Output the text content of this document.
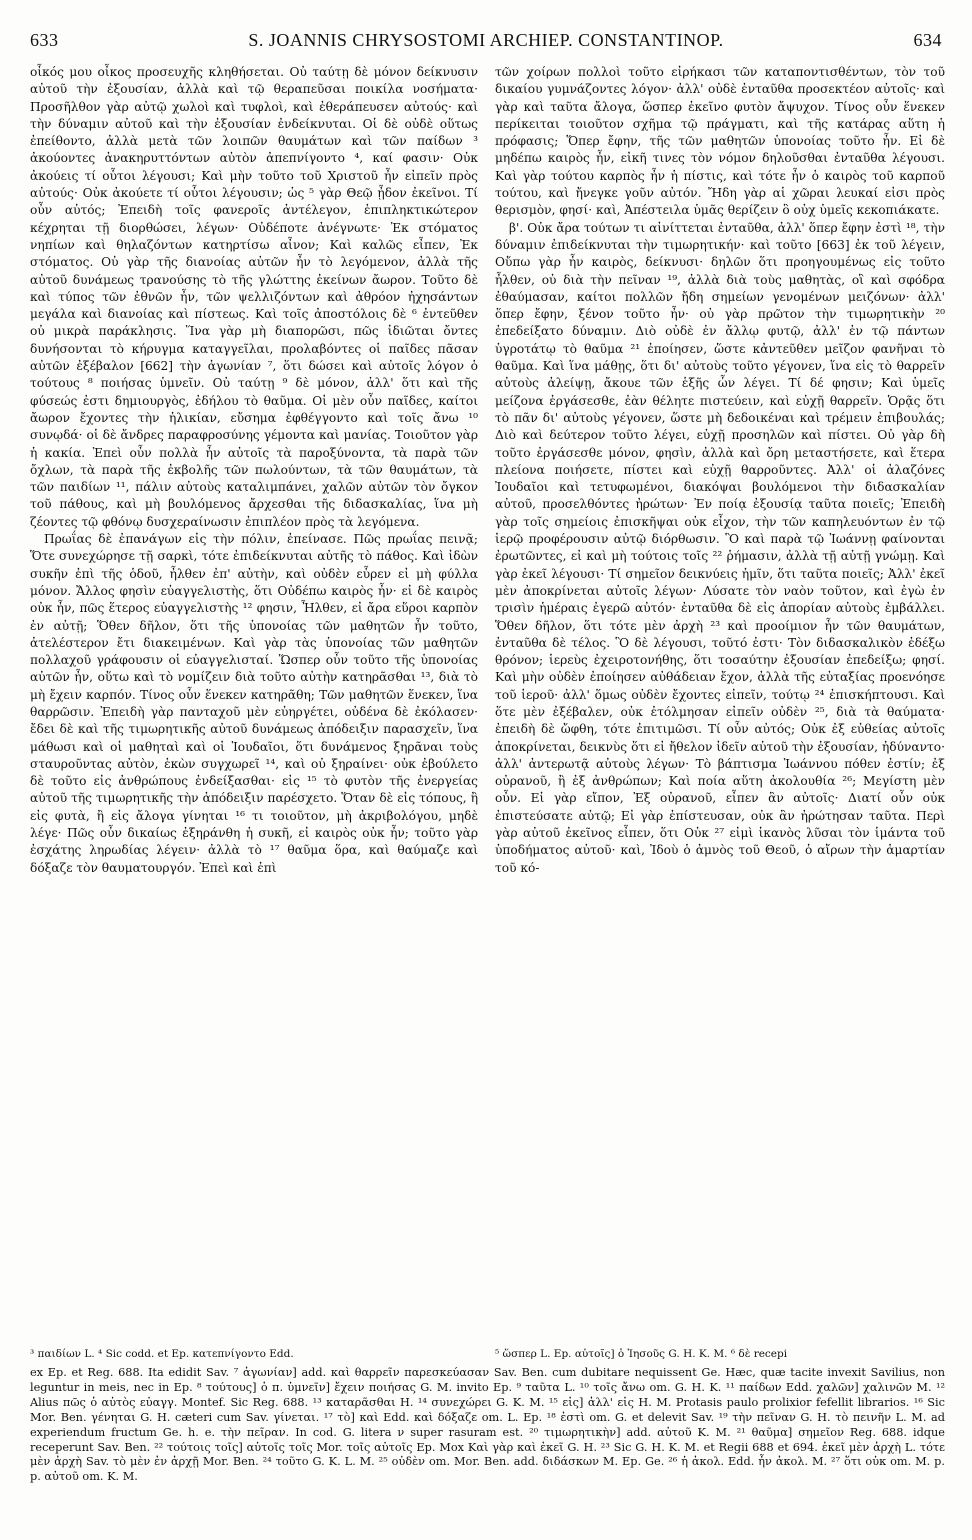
633	S. JOANNIS CHRYSOSTOMI ARCHIEP. CONSTANTINOP.	634

οἶκός μου οἶκος προσευχῆς κληθήσεται. Οὐ ταύτῃ δὲ μόνον δείκνυσιν αὐτοῦ τὴν ἐξουσίαν, ἀλλὰ καὶ τῷ θεραπεῦσαι ποικίλα νοσήματα· Προσῆλθον γὰρ αὐτῷ χωλοὶ καὶ τυφλοὶ, καὶ ἐθεράπευσεν αὐτούς· καὶ τὴν δύναμιν αὐτοῦ καὶ τὴν ἐξουσίαν ἐνδείκνυται. Οἱ δὲ οὐδὲ οὕτως ἐπείθοντο, ἀλλὰ μετὰ τῶν λοιπῶν θαυμάτων καὶ τῶν παίδων ³ ἀκούοντες ἀνακηρυττόντων αὐτὸν ἀπεπνίγοντο ⁴, καί φασιν· Οὐκ ἀκούεις τί οὗτοι λέγουσι; Καὶ μὴν τοῦτο τοῦ Χριστοῦ ἦν εἰπεῖν πρὸς αὐτούς· Οὐκ ἀκούετε τί οὗτοι λέγουσιν; ὡς ⁵ γὰρ Θεῷ ᾖδον ἐκεῖνοι. Τί οὖν αὐτός; Ἐπειδὴ τοῖς φανεροῖς ἀντέλεγον, ἐπιπληκτικώτερον κέχρηται τῇ διορθώσει, λέγων· Οὐδέποτε ἀνέγνωτε· Ἐκ στόματος νηπίων καὶ θηλαζόντων κατηρτίσω αἶνον; Καὶ καλῶς εἶπεν, Ἐκ στόματος. Οὐ γὰρ τῆς διανοίας αὐτῶν ἦν τὸ λεγόμενον, ἀλλὰ τῆς αὐτοῦ δυνάμεως τρανούσης τὸ τῆς γλώττης ἐκείνων ἄωρον. Τοῦτο δὲ καὶ τύπος τῶν ἐθνῶν ἦν, τῶν ψελλιζόντων καὶ ἀθρόον ἠχησάντων μεγάλα καὶ διανοίας καὶ πίστεως. Καὶ τοῖς ἀποστόλοις δὲ ⁶ ἐντεῦθεν οὐ μικρὰ παράκλησις. Ἵνα γὰρ μὴ διαπορῶσι, πῶς ἰδιῶται ὄντες δυνήσονται τὸ κήρυγμα καταγγεῖλαι, προλαβόντες οἱ παῖδες πᾶσαν αὐτῶν ἐξέβαλον [662] τὴν ἀγωνίαν ⁷, ὅτι δώσει καὶ αὐτοῖς λόγον ὁ τούτους ⁸ ποιήσας ὑμνεῖν. Οὐ ταύτῃ ⁹ δὲ μόνον, ἀλλ' ὅτι καὶ τῆς φύσεώς ἐστι δημιουργὸς, ἐδήλου τὸ θαῦμα. Οἱ μὲν οὖν παῖδες, καίτοι ἄωρον ἔχοντες τὴν ἡλικίαν, εὔσημα ἐφθέγγοντο καὶ τοῖς ἄνω ¹⁰ συνῳδά· οἱ δὲ ἄνδρες παραφροσύνης γέμοντα καὶ μανίας. Τοιοῦτον γὰρ ἡ κακία. Ἐπεὶ οὖν πολλὰ ἦν αὐτοῖς τὰ παροξύνοντα, τὰ παρὰ τῶν ὄχλων, τὰ παρὰ τῆς ἐκβολῆς τῶν πωλούντων, τὰ τῶν θαυμάτων, τὰ τῶν παιδίων ¹¹, πάλιν αὐτοὺς καταλιμπάνει, χαλῶν αὐτῶν τὸν ὄγκον τοῦ πάθους, καὶ μὴ βουλόμενος ἄρχεσθαι τῆς διδασκαλίας, ἵνα μὴ ζέοντες τῷ φθόνῳ δυσχεραίνωσιν ἐπιπλέον πρὸς τὰ λεγόμενα.

Πρωΐας δὲ ἐπανάγων εἰς τὴν πόλιν, ἐπείνασε. Πῶς πρωΐας πεινᾷ; Ὅτε συνεχώρησε τῇ σαρκὶ, τότε ἐπιδείκνυται αὐτῆς τὸ πάθος. Καὶ ἰδὼν συκῆν ἐπὶ τῆς ὁδοῦ, ἦλθεν ἐπ' αὐτὴν, καὶ οὐδὲν εὗρεν εἰ μὴ φύλλα μόνον. Ἄλλος φησὶν εὐαγγελιστὴς, ὅτι Οὐδέπω καιρὸς ἦν· εἰ δὲ καιρὸς οὐκ ἦν, πῶς ἕτερος εὐαγγελιστὴς ¹² φησιν, Ἦλθεν, εἰ ἄρα εὕροι καρπὸν ἐν αὐτῇ; Ὅθεν δῆλον, ὅτι τῆς ὑπονοίας τῶν μαθητῶν ἦν τοῦτο, ἀτελέστερον ἔτι διακειμένων. Καὶ γὰρ τὰς ὑπονοίας τῶν μαθητῶν πολλαχοῦ γράφουσιν οἱ εὐαγγελισταί. Ὥσπερ οὖν τοῦτο τῆς ὑπονοίας αὐτῶν ἦν, οὕτω καὶ τὸ νομίζειν διὰ τοῦτο αὐτὴν κατηρᾶσθαι ¹³, διὰ τὸ μὴ ἔχειν καρπόν. Τίνος οὖν ἕνεκεν κατηρᾶθη; Τῶν μαθητῶν ἕνεκεν, ἵνα θαρρῶσιν. Ἐπειδὴ γὰρ πανταχοῦ μὲν εὐηργέτει, οὐδένα δὲ ἐκόλασεν· ἔδει δὲ καὶ τῆς τιμωρητικῆς αὐτοῦ δυνάμεως ἀπόδειξιν παρασχεῖν, ἵνα μάθωσι καὶ οἱ μαθηταὶ καὶ οἱ Ἰουδαῖοι, ὅτι δυνάμενος ξηρᾶναι τοὺς σταυροῦντας αὐτὸν, ἑκὼν συγχωρεῖ ¹⁴, καὶ οὐ ξηραίνει· οὐκ ἐβούλετο δὲ τοῦτο εἰς ἀνθρώπους ἐνδείξασθαι· εἰς ¹⁵ τὸ φυτὸν τῆς ἐνεργείας αὐτοῦ τῆς τιμωρητικῆς τὴν ἀπόδειξιν παρέσχετο. Ὅταν δὲ εἰς τόπους, ἢ εἰς φυτὰ, ἢ εἰς ἄλογα γίνηται ¹⁶ τι τοιοῦτον, μὴ ἀκριβολόγου, μηδὲ λέγε· Πῶς οὖν δικαίως ἐξηράνθη ἡ συκῆ, εἰ καιρὸς οὐκ ἦν; τοῦτο γὰρ ἐσχάτης ληρωδίας λέγειν· ἀλλὰ τὸ ¹⁷ θαῦμα ὅρα, καὶ θαύμαζε καὶ δόξαζε τὸν θαυματουργόν. Ἐπεὶ καὶ ἐπὶ

τῶν χοίρων πολλοὶ τοῦτο εἰρήκασι τῶν καταποντισθέντων, τὸν τοῦ δικαίου γυμνάζοντες λόγον· ἀλλ' οὐδὲ ἐνταῦθα προσεκτέον αὐτοῖς· καὶ γὰρ καὶ ταῦτα ἄλογα, ὥσπερ ἐκεῖνο φυτὸν ἄψυχον. Τίνος οὖν ἕνεκεν περίκειται τοιοῦτον σχῆμα τῷ πράγματι, καὶ τῆς κατάρας αὕτη ἡ πρόφασις; Ὅπερ ἔφην, τῆς τῶν μαθητῶν ὑπονοίας τοῦτο ἦν. Εἰ δὲ μηδέπω καιρὸς ἦν, εἰκῆ τινες τὸν νόμον δηλοῦσθαι ἐνταῦθα λέγουσι. Καὶ γὰρ τούτου καρπὸς ἦν ἡ πίστις, καὶ τότε ἦν ὁ καιρὸς τοῦ καρποῦ τούτου, καὶ ἤνεγκε γοῦν αὐτόν. Ἤδη γὰρ αἱ χῶραι λευκαί εἰσι πρὸς θερισμὸν, φησί· καὶ, Ἀπέστειλα ὑμᾶς θερίζειν ὃ οὐχ ὑμεῖς κεκοπιάκατε.

β'. Οὐκ ἄρα τούτων τι αἰνίττεται ἐνταῦθα, ἀλλ' ὅπερ ἔφην ἐστὶ ¹⁸, τὴν δύναμιν ἐπιδείκνυται τὴν τιμωρητικήν· καὶ τοῦτο [663] ἐκ τοῦ λέγειν, Οὔπω γὰρ ἦν καιρὸς, δείκνυσι· δηλῶν ὅτι προηγουμένως εἰς τοῦτο ἦλθεν, οὐ διὰ τὴν πεῖναν ¹⁹, ἀλλὰ διὰ τοὺς μαθητὰς, οἳ καὶ σφόδρα ἐθαύμασαν, καίτοι πολλῶν ἤδη σημείων γενομένων μειζόνων· ἀλλ' ὅπερ ἔφην, ξένον τοῦτο ἦν· οὐ γὰρ πρῶτον τὴν τιμωρητικὴν ²⁰ ἐπεδείξατο δύναμιν. Διὸ οὐδὲ ἐν ἄλλῳ φυτῷ, ἀλλ' ἐν τῷ πάντων ὑγροτάτῳ τὸ θαῦμα ²¹ ἐποίησεν, ὥστε κἀντεῦθεν μεῖζον φανῆναι τὸ θαῦμα. Καὶ ἵνα μάθῃς, ὅτι δι' αὐτοὺς τοῦτο γέγονεν, ἵνα εἰς τὸ θαρρεῖν αὐτοὺς ἀλείψῃ, ἄκουε τῶν ἑξῆς ὧν λέγει. Τί δέ φησιν; Καὶ ὑμεῖς μείζονα ἐργάσεσθε, ἐὰν θέλητε πιστεύειν, καὶ εὐχῇ θαρρεῖν. Ὁρᾷς ὅτι τὸ πᾶν δι' αὐτοὺς γέγονεν, ὥστε μὴ δεδοικέναι καὶ τρέμειν ἐπιβουλάς; Διὸ καὶ δεύτερον τοῦτο λέγει, εὐχῇ προσηλῶν καὶ πίστει. Οὐ γὰρ δὴ τοῦτο ἐργάσεσθε μόνον, φησὶν, ἀλλὰ καὶ ὄρη μεταστήσετε, καὶ ἕτερα πλείονα ποιήσετε, πίστει καὶ εὐχῇ θαρροῦντες. Ἀλλ' οἱ ἀλαζόνες Ἰουδαῖοι καὶ τετυφωμένοι, διακόψαι βουλόμενοι τὴν διδασκαλίαν αὐτοῦ, προσελθόντες ἠρώτων· Ἐν ποίᾳ ἐξουσίᾳ ταῦτα ποιεῖς; Ἐπειδὴ γὰρ τοῖς σημείοις ἐπισκῆψαι οὐκ εἶχον, τὴν τῶν καπηλευόντων ἐν τῷ ἱερῷ προφέρουσιν αὐτῷ διόρθωσιν. Ὃ καὶ παρὰ τῷ Ἰωάννῃ φαίνονται ἐρωτῶντες, εἰ καὶ μὴ τούτοις τοῖς ²² ῥήμασιν, ἀλλὰ τῇ αὐτῇ γνώμῃ. Καὶ γὰρ ἐκεῖ λέγουσι· Τί σημεῖον δεικνύεις ἡμῖν, ὅτι ταῦτα ποιεῖς; Ἀλλ' ἐκεῖ μὲν ἀποκρίνεται αὐτοῖς λέγων· Λύσατε τὸν ναὸν τοῦτον, καὶ ἐγὼ ἐν τρισὶν ἡμέραις ἐγερῶ αὐτόν· ἐνταῦθα δὲ εἰς ἀπορίαν αὐτοὺς ἐμβάλλει. Ὅθεν δῆλον, ὅτι τότε μὲν ἀρχὴ ²³ καὶ προοίμιον ἦν τῶν θαυμάτων, ἐνταῦθα δὲ τέλος. Ὃ δὲ λέγουσι, τοῦτό ἐστι· Τὸν διδασκαλικὸν ἐδέξω θρόνον; ἱερεὺς ἐχειροτονήθης, ὅτι τοσαύτην ἐξουσίαν ἐπεδείξω; φησί. Καὶ μὴν οὐδὲν ἐποίησεν αὐθάδειαν ἔχον, ἀλλὰ τῆς εὐταξίας προενόησε τοῦ ἱεροῦ· ἀλλ' ὅμως οὐδὲν ἔχοντες εἰπεῖν, τούτῳ ²⁴ ἐπισκήπτουσι. Καὶ ὅτε μὲν ἐξέβαλεν, οὐκ ἐτόλμησαν εἰπεῖν οὐδὲν ²⁵, διὰ τὰ θαύματα· ἐπειδὴ δὲ ὤφθη, τότε ἐπιτιμῶσι. Τί οὖν αὐτός; Οὐκ ἐξ εὐθείας αὐτοῖς ἀποκρίνεται, δεικνὺς ὅτι εἰ ἤθελον ἰδεῖν αὐτοῦ τὴν ἐξουσίαν, ἠδύναντο· ἀλλ' ἀντερωτᾷ αὐτοὺς λέγων· Τὸ βάπτισμα Ἰωάννου πόθεν ἐστίν; ἐξ οὐρανοῦ, ἢ ἐξ ἀνθρώπων; Καὶ ποία αὕτη ἀκολουθία ²⁶; Μεγίστη μὲν οὖν. Εἰ γὰρ εἴπον, Ἐξ οὐρανοῦ, εἶπεν ἂν αὐτοῖς· Διατί οὖν οὐκ ἐπιστεύσατε αὐτῷ; Εἰ γὰρ ἐπίστευσαν, οὐκ ἂν ἠρώτησαν ταῦτα. Περὶ γὰρ αὐτοῦ ἐκεῖνος εἶπεν, ὅτι Οὐκ ²⁷ εἰμὶ ἱκανὸς λῦσαι τὸν ἱμάντα τοῦ ὑποδήματος αὐτοῦ· καὶ, Ἰδοὺ ὁ ἀμνὸς τοῦ Θεοῦ, ὁ αἴρων τὴν ἁμαρτίαν τοῦ κό-

³ παιδίων L. ⁴ Sic codd. et Ep. κατεπνίγοντο Edd.	⁵ ὥσπερ L. Ep. αὐτοῖς] ὁ Ἰησοῦς G. H. K. M. ⁶ δὲ recepi

ex Ep. et Reg. 688. Ita edidit Sav. ⁷ ἀγωνίαν] add. καὶ θαρρεῖν παρεσκεύασαν Sav. Ben. cum dubitare nequissent Ge. Hæc, quæ tacite invexit Savilius, non leguntur in meis, nec in Ep. ⁸ τούτους] ὁ π. ὑμνεῖν] ἔχειν ποιήσας G. M. invito Ep. ⁹ ταῦτα L. ¹⁰ τοῖς ἄνω om. G. H. K. ¹¹ παίδων Edd. χαλῶν] χαλινῶν M. ¹² Alius πῶς ὁ αὐτὸς εὐαγγ. Montef. Sic Reg. 688. ¹³ καταρᾶσθαι H. ¹⁴ συνεχώρει G. K. M. ¹⁵ εἰς] ἀλλ' εἰς H. M. Protasis paulo prolixior fefellit librarios. ¹⁶ Sic Mor. Ben. γένηται G. H. cæteri cum Sav. γίνεται. ¹⁷ τὸ] καὶ Edd. καὶ δόξαζε om. L. Ep. ¹⁸ ἐστὶ om. G. et delevit Sav. ¹⁹ τὴν πεῖναν G. H. τὸ πεινῆν L. M. ad experiendum fructum Ge. h. e. τὴν πεῖραν. In cod. G. litera ν super rasuram est. ²⁰ τιμωρητικὴν] add. αὐτοῦ K. M. ²¹ θαῦμα] σημεῖον Reg. 688. idque receperunt Sav. Ben. ²² τούτοις τοῖς] αὐτοῖς τοῖς Mor. τοῖς αὐτοῖς Ep. Mox Καὶ γὰρ καὶ ἐκεῖ G. H. ²³ Sic G. H. K. M. et Regii 688 et 694. ἐκεῖ μὲν ἀρχὴ L. τότε μὲν ἀρχὴ Sav. τὸ μὲν ἐν ἀρχῇ Mor. Ben. ²⁴ τοῦτο G. K. L. M. ²⁵ οὐδὲν om. Mor. Ben. add. διδάσκων M. Ep. Ge. ²⁶ ἡ ἀκολ. Edd. ἦν ἀκολ. M. ²⁷ ὅτι οὐκ om. M. p. p. αὐτοῦ om. K. M.
